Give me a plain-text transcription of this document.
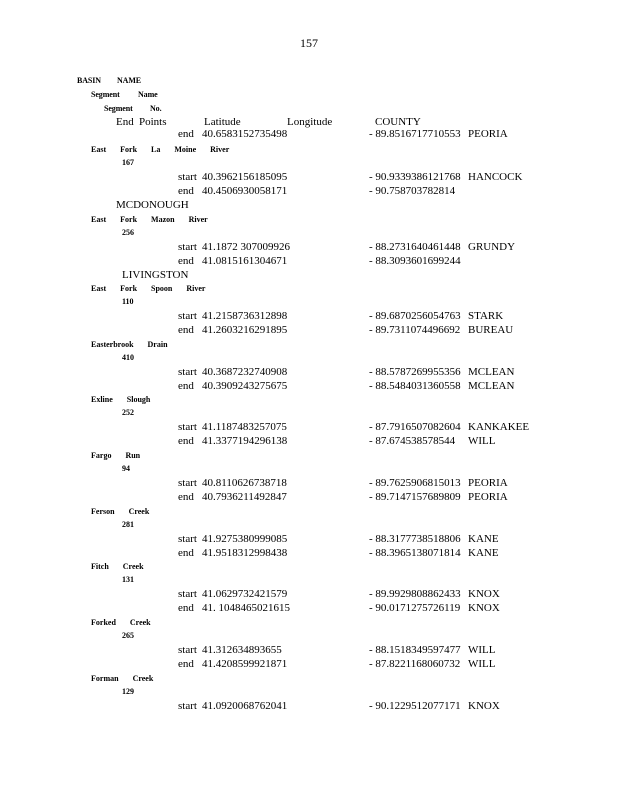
157
BASIN NAME
Segment Name
Segment No.
End Points	Latitude	Longitude	COUNTY
end 40.6583152735498	- 89.8516717710553 PEORIA
East Fork La Moine River
167
start 40.3962156185095	- 90.9339386121768 HANCOCK
end 40.4506930058171	- 90.758703782814
MCDONOUGH
East Fork Mazon River
256
start 41.1872 307009926	- 88.2731640461448 GRUNDY
end 41.0815161304671	- 88.3093601699244
LIVINGSTON
East Fork Spoon River
110
start 41.2158736312898	- 89.6870256054763 STARK
end 41.2603216291895	- 89.7311074496692 BUREAU
Easterbrook Drain
410
start 40.3687232740908	- 88.5787269955356 MCLEAN
end 40.3909243275675	- 88.5484031360558 MCLEAN
Exline Slough
252
start 41.1187483257075	- 87.7916507082604 KANKAKEE
end 41.3377194296138	- 87.674538578544 WILL
Fargo Run
94
start 40.8110626738718	- 89.7625906815013 PEORIA
end 40.7936211492847	- 89.7147157689809 PEORIA
Ferson Creek
281
start 41.9275380999085	- 88.3177738518806 KANE
end 41.9518312998438	- 88.3965138071814 KANE
Fitch Creek
131
start 41.0629732421579	- 89.9929808862433 KNOX
end 41. 1048465021615	- 90.0171275726119 KNOX
Forked Creek
265
start 41.312634893655	- 88.1518349597477 WILL
end 41.4208599921871	- 87.8221168060732 WILL
Forman Creek
129
start 41.0920068762041	- 90.1229512077171 KNOX
